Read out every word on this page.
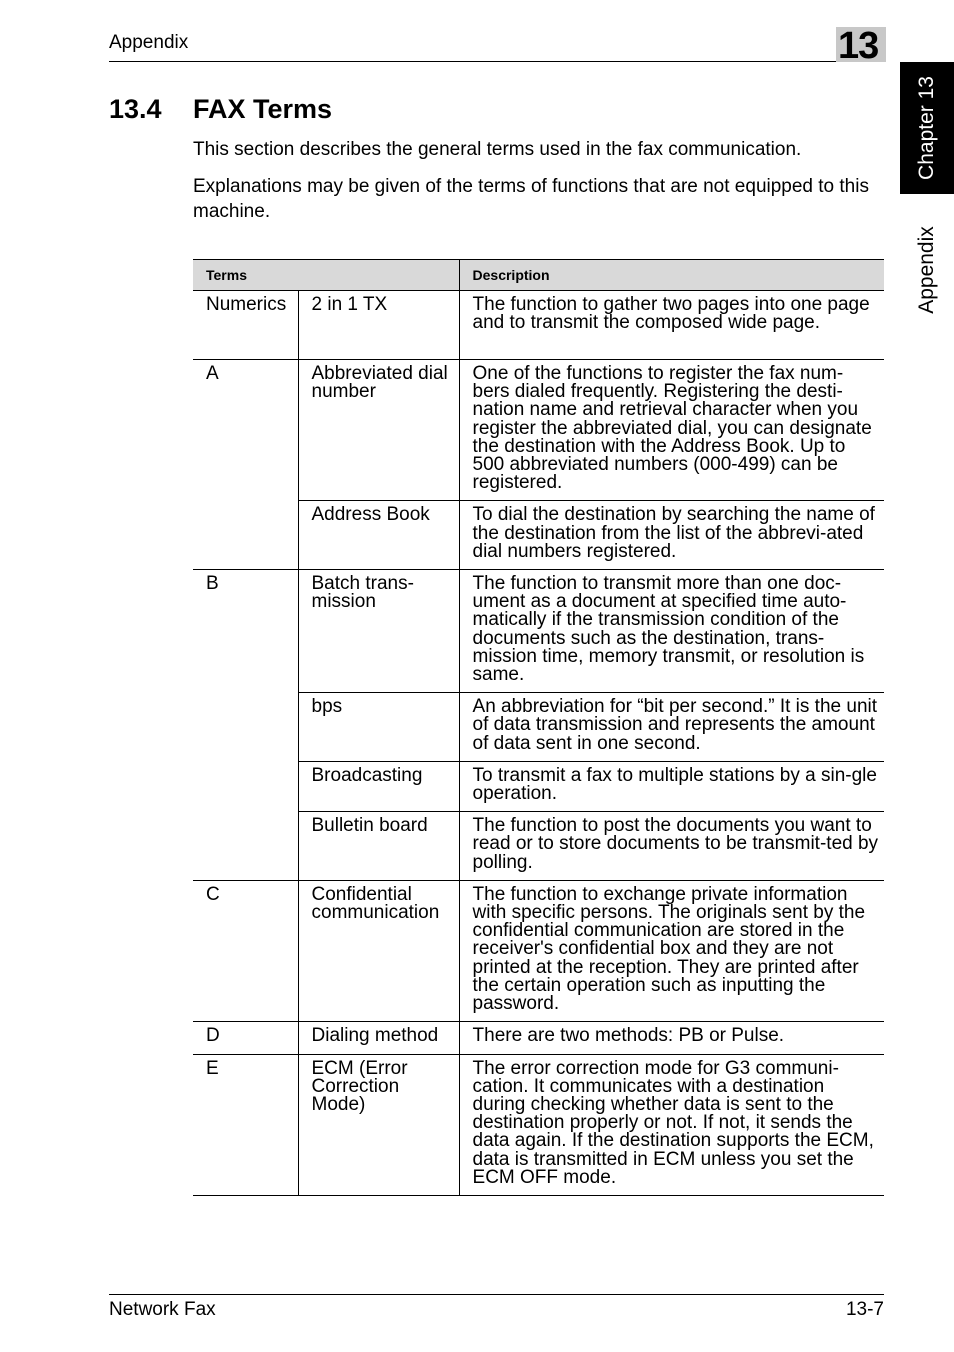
Appendix	13
Chapter 13
Appendix
13.4 FAX Terms
This section describes the general terms used in the fax communication.
Explanations may be given of the terms of functions that are not equipped to this machine.
Terms		Description
Numerics	2 in 1 TX	The function to gather two pages into one page and to transmit the composed wide page.
A	Abbreviated dial number	One of the functions to register the fax num-bers dialed frequently. Registering the desti-nation name and retrieval character when you register the abbreviated dial, you can designate the destination with the Address Book. Up to 500 abbreviated numbers (000-499) can be registered.
	Address Book	To dial the destination by searching the name of the destination from the list of the abbrevi-ated dial numbers registered.
B	Batch trans-mission	The function to transmit more than one doc-ument as a document at specified time auto-matically if the transmission condition of the documents such as the destination, trans-mission time, memory transmit, or resolution is same.
	bps	An abbreviation for “bit per second.” It is the unit of data transmission and represents the amount of data sent in one second.
	Broadcasting	To transmit a fax to multiple stations by a sin-gle operation.
	Bulletin board	The function to post the documents you want to read or to store documents to be transmit-ted by polling.
C	Confidential communication	The function to exchange private information with specific persons. The originals sent by the confidential communication are stored in the receiver's confidential box and they are not printed at the reception. They are printed after the certain operation such as inputting the password.
D	Dialing method	There are two methods: PB or Pulse.
E	ECM (Error Correction Mode)	The error correction mode for G3 communi-cation. It communicates with a destination during checking whether data is sent to the destination properly or not. If not, it sends the data again. If the destination supports the ECM, data is transmitted in ECM unless you set the ECM OFF mode.
Network Fax	13-7
